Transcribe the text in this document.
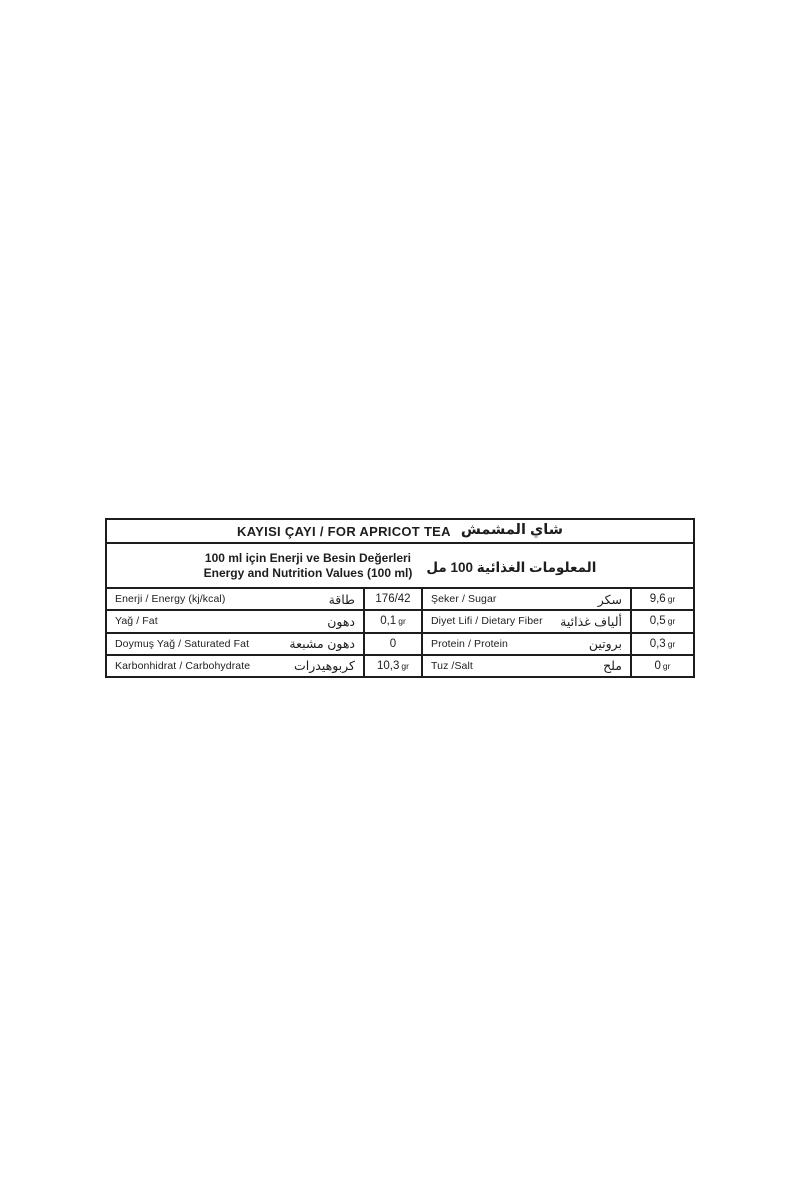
KAYISI ÇAYI / FOR APRICOT TEA شاي المشمش
100 ml için Enerji ve Besin Değerleri
Energy and Nutrition Values (100 ml) المعلومات الغذائية 100 مل
Enerji / Energy (kj/kcal)	طاقة 176/42 Şeker / Sugar	سكر 9,6 gr
Yağ / Fat	دهون 0,1 gr Diyet Lifi / Dietary Fiber ألياف غذائية 0,5 gr
Doymuş Yağ / Saturated Fat	دهون مشبعة	0	Protein / Protein	بروتين 0,3 gr
Karbonhidrat / Carbohydrate	كربوهيدرات 10,3 gr Tuz /Salt	ملح	0 gr
